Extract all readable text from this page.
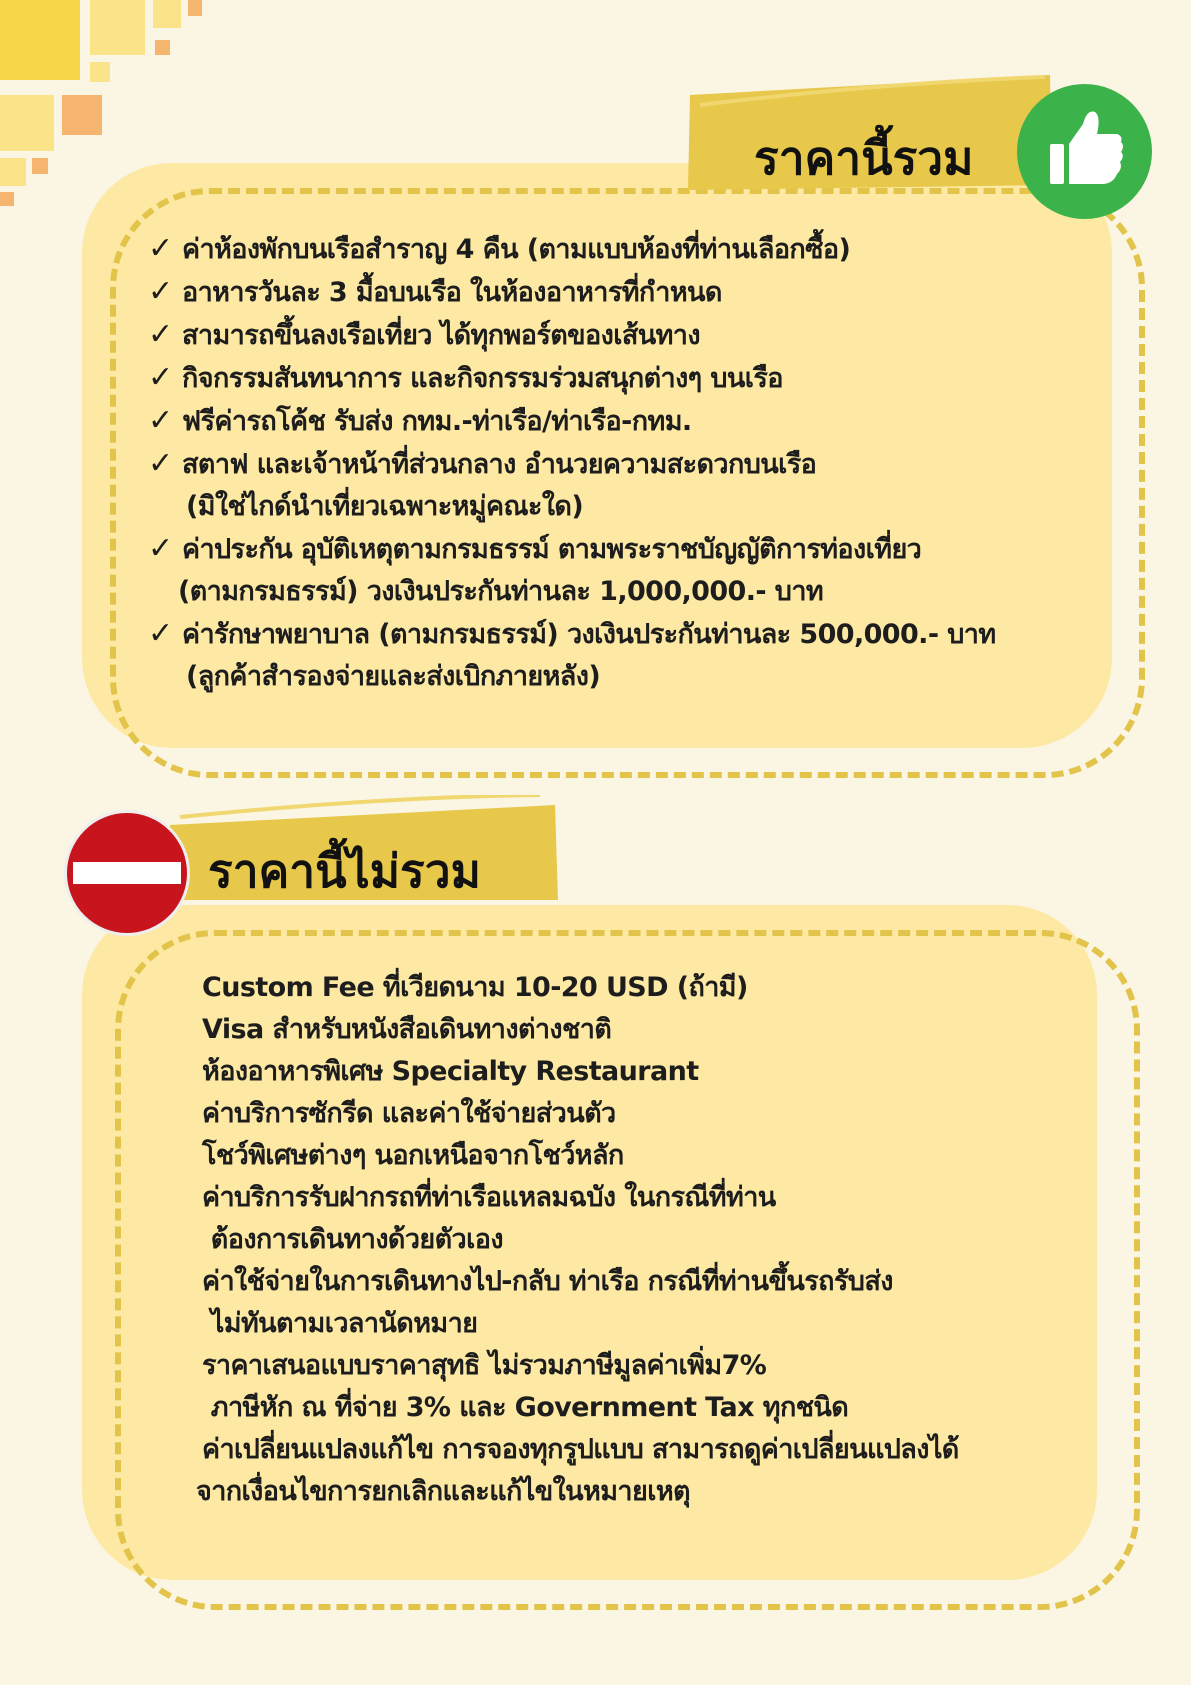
ราคานี้รวม
✓ ค่าห้องพักบนเรือสำราญ 4 คืน (ตามแบบห้องที่ท่านเลือกซื้อ)
✓ อาหารวันละ 3 มื้อบนเรือ ในห้องอาหารที่กำหนด
✓ สามารถขึ้นลงเรือเที่ยว ได้ทุกพอร์ตของเส้นทาง
✓ กิจกรรมสันทนาการ และกิจกรรมร่วมสนุกต่างๆ บนเรือ
✓ ฟรีค่ารถโค้ช รับส่ง กทม.-ท่าเรือ/ท่าเรือ-กทม.
✓ สตาฟ และเจ้าหน้าที่ส่วนกลาง อำนวยความสะดวกบนเรือ
(มิใช่ไกด์นำเที่ยวเฉพาะหมู่คณะใด)
✓ ค่าประกัน อุบัติเหตุตามกรมธรรม์ ตามพระราชบัญญัติการท่องเที่ยว
(ตามกรมธรรม์) วงเงินประกันท่านละ 1,000,000.- บาท
✓ ค่ารักษาพยาบาล (ตามกรมธรรม์) วงเงินประกันท่านละ 500,000.- บาท
(ลูกค้าสำรองจ่ายและส่งเบิกภายหลัง)
ราคานี้ไม่รวม
Custom Fee ที่เวียดนาม 10-20 USD (ถ้ามี)
Visa สำหรับหนังสือเดินทางต่างชาติ
ห้องอาหารพิเศษ Specialty Restaurant
ค่าบริการซักรีด และค่าใช้จ่ายส่วนตัว
โชว์พิเศษต่างๆ นอกเหนือจากโชว์หลัก
ค่าบริการรับฝากรถที่ท่าเรือแหลมฉบัง ในกรณีที่ท่าน
ต้องการเดินทางด้วยตัวเอง
ค่าใช้จ่ายในการเดินทางไป-กลับ ท่าเรือ กรณีที่ท่านขึ้นรถรับส่ง
ไม่ทันตามเวลานัดหมาย
ราคาเสนอแบบราคาสุทธิ ไม่รวมภาษีมูลค่าเพิ่ม7%
ภาษีหัก ณ ที่จ่าย 3% และ Government Tax ทุกชนิด
ค่าเปลี่ยนแปลงแก้ไข การจองทุกรูปแบบ สามารถดูค่าเปลี่ยนแปลงได้
จากเงื่อนไขการยกเลิกและแก้ไขในหมายเหตุ
